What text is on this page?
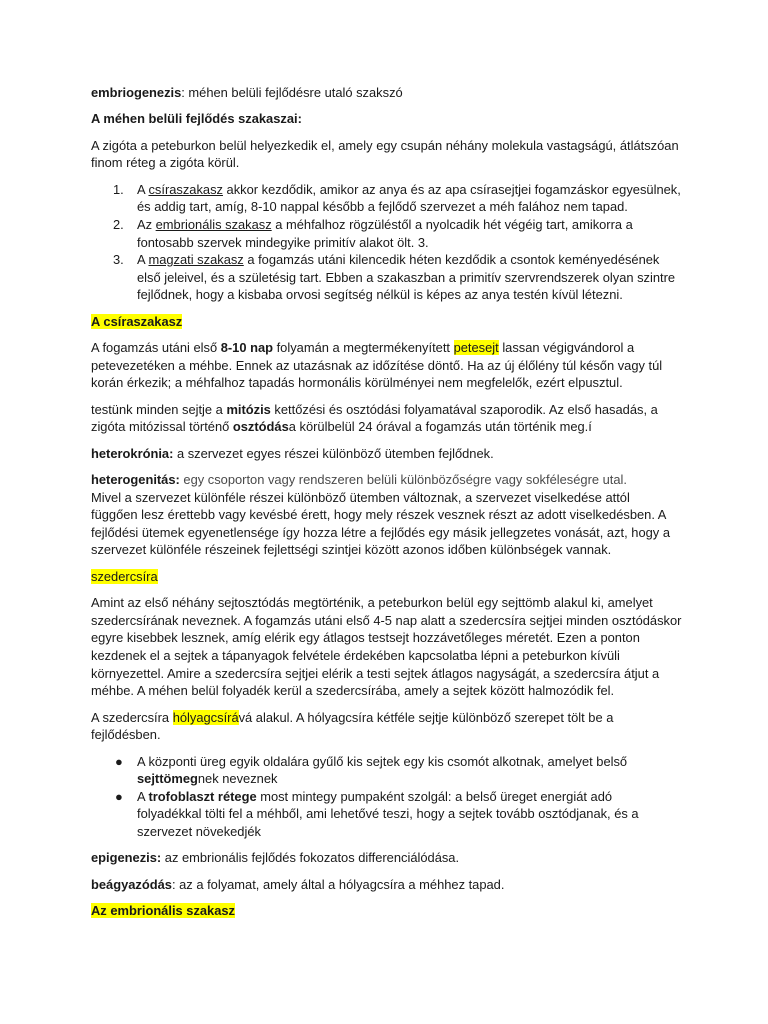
embriogenezis: méhen belüli fejlődésre utaló szakszó

A méhen belüli fejlődés szakaszai:

A zigóta a peteburkon belül helyezkedik el, amely egy csupán néhány molekula vastagságú, átlátszóan
finom réteg a zigóta körül.

1. A csíraszakasz akkor kezdődik, amikor az anya és az apa csírasejtjei fogamzáskor egyesülnek,
és addig tart, amíg, 8-10 nappal később a fejlődő szervezet a méh falához nem tapad.
2. Az embrionális szakasz a méhfalhoz rögzüléstől a nyolcadik hét végéig tart, amikorra a
fontosabb szervek mindegyike primitív alakot ölt. 3.
3. A magzati szakasz a fogamzás utáni kilencedik héten kezdődik a csontok keményedésének
első jeleivel, és a születésig tart. Ebben a szakaszban a primitív szervrendszerek olyan szintre
fejlődnek, hogy a kisbaba orvosi segítség nélkül is képes az anya testén kívül létezni.

A csíraszakasz

A fogamzás utáni első 8-10 nap folyamán a megtermékenyített petesejt lassan végigvándorol a
petevezetéken a méhbe. Ennek az utazásnak az időzítése döntő. Ha az új élőlény túl későn vagy túl
korán érkezik; a méhfalhoz tapadás hormonális körülményei nem megfelelők, ezért elpusztul.

testünk minden sejtje a mitózis kettőzési és osztódási folyamatával szaporodik. Az első hasadás, a
zigóta mitózissal történő osztódása körülbelül 24 órával a fogamzás után történik meg.í

heterokrónia: a szervezet egyes részei különböző ütemben fejlődnek.

heterogenitás: egy csoporton vagy rendszeren belüli különbözőségre vagy sokféleségre utal.
Mivel a szervezet különféle részei különböző ütemben változnak, a szervezet viselkedése attól
függően lesz érettebb vagy kevésbé érett, hogy mely részek vesznek részt az adott viselkedésben. A
fejlődési ütemek egyenetlensége így hozza létre a fejlődés egy másik jellegzetes vonását, azt, hogy a
szervezet különféle részeinek fejlettségi szintjei között azonos időben különbségek vannak.

szedercsíra

Amint az első néhány sejtosztódás megtörténik, a peteburkon belül egy sejttömb alakul ki, amelyet
szedercsírának neveznek. A fogamzás utáni első 4-5 nap alatt a szedercsíra sejtjei minden osztódáskor
egyre kisebbek lesznek, amíg elérik egy átlagos testsejt hozzávetőleges méretét. Ezen a ponton
kezdenek el a sejtek a tápanyagok felvétele érdekében kapcsolatba lépni a peteburkon kívüli
környezettel. Amire a szedercsíra sejtjei elérik a testi sejtek átlagos nagyságát, a szedercsíra átjut a
méhbe. A méhen belül folyadék kerül a szedercsírába, amely a sejtek között halmozódik fel.

A szedercsíra hólyagcsírává alakul. A hólyagcsíra kétféle sejtje különböző szerepet tölt be a
fejlődésben.

● A központi üreg egyik oldalára gyűlő kis sejtek egy kis csomót alkotnak, amelyet belső
sejttömegnek neveznek
● A trofoblaszt rétege most mintegy pumpaként szolgál: a belső üreget energiát adó
folyadékkal tölti fel a méhből, ami lehetővé teszi, hogy a sejtek tovább osztódjanak, és a
szervezet növekedjék

epigenezis: az embrionális fejlődés fokozatos differenciálódása.

beágyazódás: az a folyamat, amely által a hólyagcsíra a méhhez tapad.

Az embrionális szakasz
